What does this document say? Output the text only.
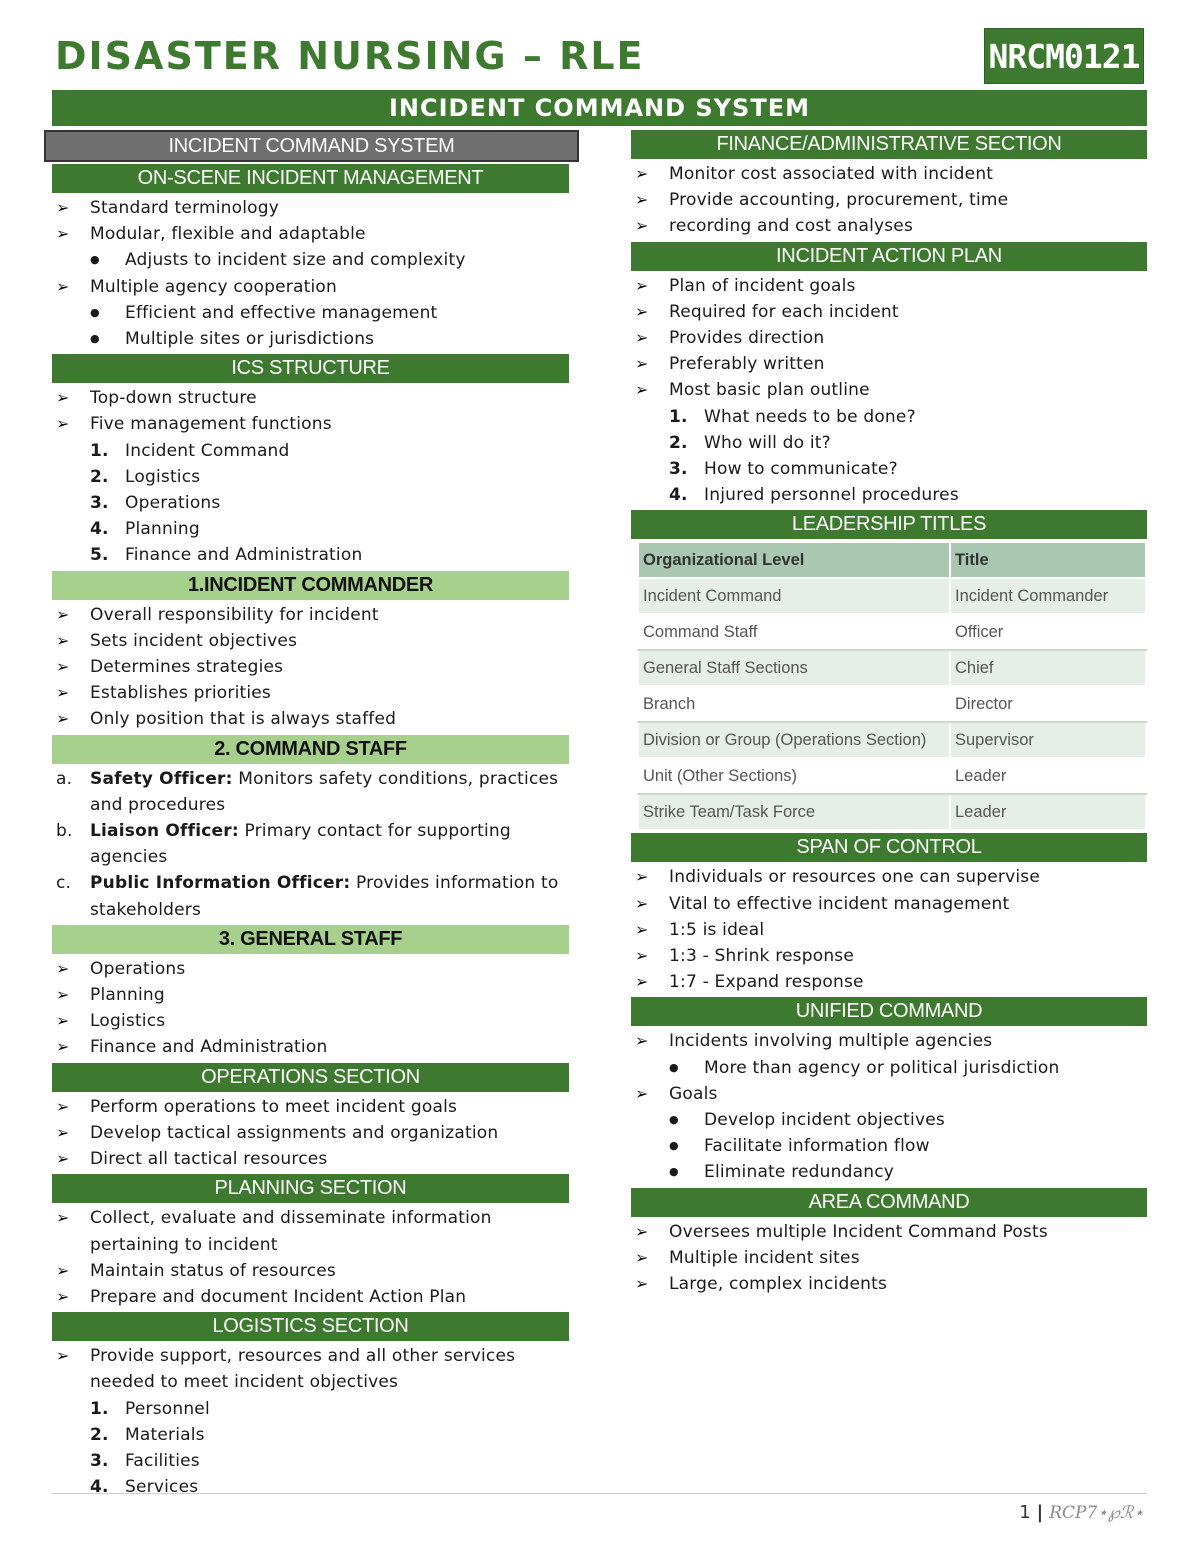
DISASTER NURSING – RLE	NRCM0121
INCIDENT COMMAND SYSTEM
INCIDENT COMMAND SYSTEM
ON-SCENE INCIDENT MANAGEMENT
➢ Standard terminology
➢ Modular, flexible and adaptable
● Adjusts to incident size and complexity
➢ Multiple agency cooperation
● Efficient and effective management
● Multiple sites or jurisdictions
ICS STRUCTURE
➢ Top-down structure
➢ Five management functions
1. Incident Command
2. Logistics
3. Operations
4. Planning
5. Finance and Administration
1.INCIDENT COMMANDER
➢ Overall responsibility for incident
➢ Sets incident objectives
➢ Determines strategies
➢ Establishes priorities
➢ Only position that is always staffed
2. COMMAND STAFF
a. Safety Officer: Monitors safety conditions, practices and procedures
b. Liaison Officer: Primary contact for supporting agencies
c. Public Information Officer: Provides information to stakeholders
3. GENERAL STAFF
➢ Operations
➢ Planning
➢ Logistics
➢ Finance and Administration
OPERATIONS SECTION
➢ Perform operations to meet incident goals
➢ Develop tactical assignments and organization
➢ Direct all tactical resources
PLANNING SECTION
➢ Collect, evaluate and disseminate information pertaining to incident
➢ Maintain status of resources
➢ Prepare and document Incident Action Plan
LOGISTICS SECTION
➢ Provide support, resources and all other services needed to meet incident objectives
1. Personnel
2. Materials
3. Facilities
4. Services
FINANCE/ADMINISTRATIVE SECTION
➢ Monitor cost associated with incident
➢ Provide accounting, procurement, time
➢ recording and cost analyses
INCIDENT ACTION PLAN
➢ Plan of incident goals
➢ Required for each incident
➢ Provides direction
➢ Preferably written
➢ Most basic plan outline
1. What needs to be done?
2. Who will do it?
3. How to communicate?
4. Injured personnel procedures
LEADERSHIP TITLES
Organizational Level	Title
Incident Command	Incident Commander
Command Staff	Officer
General Staff Sections	Chief
Branch	Director
Division or Group (Operations Section)	Supervisor
Unit (Other Sections)	Leader
Strike Team/Task Force	Leader
SPAN OF CONTROL
➢ Individuals or resources one can supervise
➢ Vital to effective incident management
➢ 1:5 is ideal
➢ 1:3 - Shrink response
➢ 1:7 - Expand response
UNIFIED COMMAND
➢ Incidents involving multiple agencies
● More than agency or political jurisdiction
➢ Goals
● Develop incident objectives
● Facilitate information flow
● Eliminate redundancy
AREA COMMAND
➢ Oversees multiple Incident Command Posts
➢ Multiple incident sites
➢ Large, complex incidents
1 | RCP7⋆℘ℛ⋆
